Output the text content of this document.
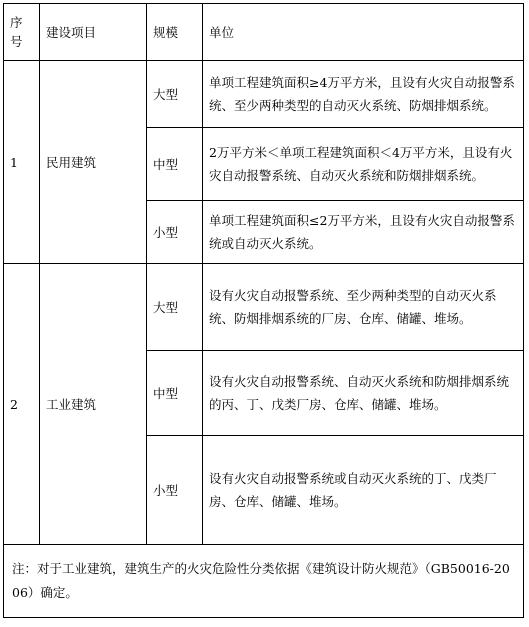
序号	建设项目	规模	单位
1	民用建筑	大型	单项工程建筑面积≥4万平方米，且设有火灾自动报警系统、至少两种类型的自动灭火系统、防烟排烟系统。
		中型	2万平方米＜单项工程建筑面积＜4万平方米，且设有火灾自动报警系统、自动灭火系统和防烟排烟系统。
		小型	单项工程建筑面积≤2万平方米，且设有火灾自动报警系统或自动灭火系统。
2	工业建筑	大型	设有火灾自动报警系统、至少两种类型的自动灭火系统、防烟排烟系统的厂房、仓库、储罐、堆场。
		中型	设有火灾自动报警系统、自动灭火系统和防烟排烟系统的丙、丁、戊类厂房、仓库、储罐、堆场。
		小型	设有火灾自动报警系统或自动灭火系统的丁、戊类厂房、仓库、储罐、堆场。
注：对于工业建筑，建筑生产的火灾危险性分类依据《建筑设计防火规范》（GB50016-2006）确定。			
